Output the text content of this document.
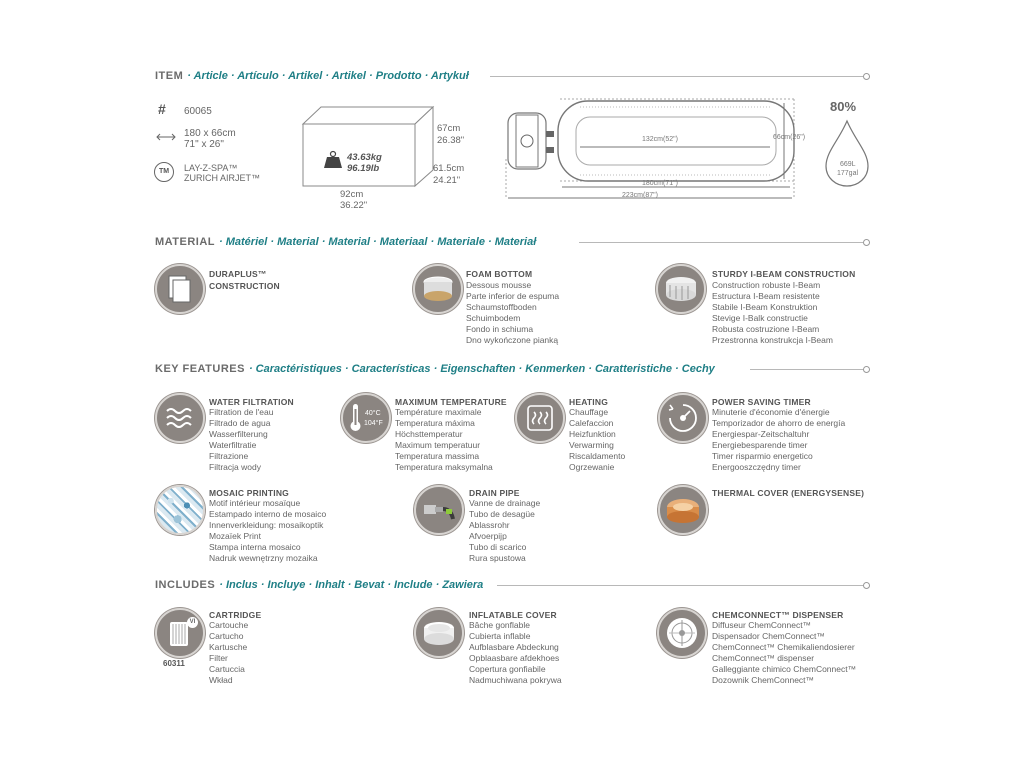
ITEM · Article · Artículo · Artikel · Artikel · Prodotto · Artykuł
# 60065
180 x 66cm
71" x 26"
TM	LAY-Z-SPA™
ZURICH AIRJET™
43.63kg
96.19lb
67cm
26.38"
61.5cm
24.21"
92cm
36.22"
132cm(52")
180cm(71")
223cm(87")
66cm(26")
80%
669L
177gal
MATERIAL · Matériel · Material · Material · Materiaal · Materiale · Materiał
DURAPLUS™
CONSTRUCTION
FOAM BOTTOM
Dessous mousse
Parte inferior de espuma
Schaumstoffboden
Schuimbodem
Fondo in schiuma
Dno wykończone pianką
STURDY I-BEAM CONSTRUCTION
Construction robuste I-Beam
Estructura I-Beam resistente
Stabile I-Beam Konstruktion
Stevige I-Balk constructie
Robusta costruzione I-Beam
Przestronna konstrukcja I-Beam
KEY FEATURES · Caractéristiques · Características · Eigenschaften · Kenmerken · Caratteristiche · Cechy
WATER FILTRATION
Filtration de l'eau
Filtrado de agua
Wasserfilterung
Waterfiltratie
Filtrazione
Filtracja wody
40°C
104°F
MAXIMUM TEMPERATURE
Température maximale
Temperatura máxima
Höchsttemperatur
Maximum temperatuur
Temperatura massima
Temperatura maksymalna
HEATING
Chauffage
Calefaccion
Heizfunktion
Verwarming
Riscaldamento
Ogrzewanie
POWER SAVING TIMER
Minuterie d'économie d'énergie
Temporizador de ahorro de energía
Energiespar-Zeitschaltuhr
Energiebesparende timer
Timer risparmio energetico
Energooszczędny timer
MOSAIC PRINTING
Motif intérieur mosaïque
Estampado interno de mosaico
Innenverkleidung: mosaikoptik
Mozaïek Print
Stampa interna mosaico
Nadruk wewnętrzny mozaika
DRAIN PIPE
Vanne de drainage
Tubo de desagüe
Ablassrohr
Afvoerpijp
Tubo di scarico
Rura spustowa
THERMAL COVER (ENERGYSENSE)
INCLUDES · Inclus · Incluye · Inhalt · Bevat · Include · Zawiera
VI
60311
CARTRIDGE
Cartouche
Cartucho
Kartusche
Filter
Cartuccia
Wkład
INFLATABLE COVER
Bâche gonflable
Cubierta inflable
Aufblasbare Abdeckung
Opblaasbare afdekhoes
Copertura gonfiabile
Nadmuchiwana pokrywa
CHEMCONNECT™ DISPENSER
Diffuseur ChemConnect™
Dispensador ChemConnect™
ChemConnect™ Chemikaliendosierer
ChemConnect™ dispenser
Galleggiante chimico ChemConnect™
Dozownik ChemConnect™
